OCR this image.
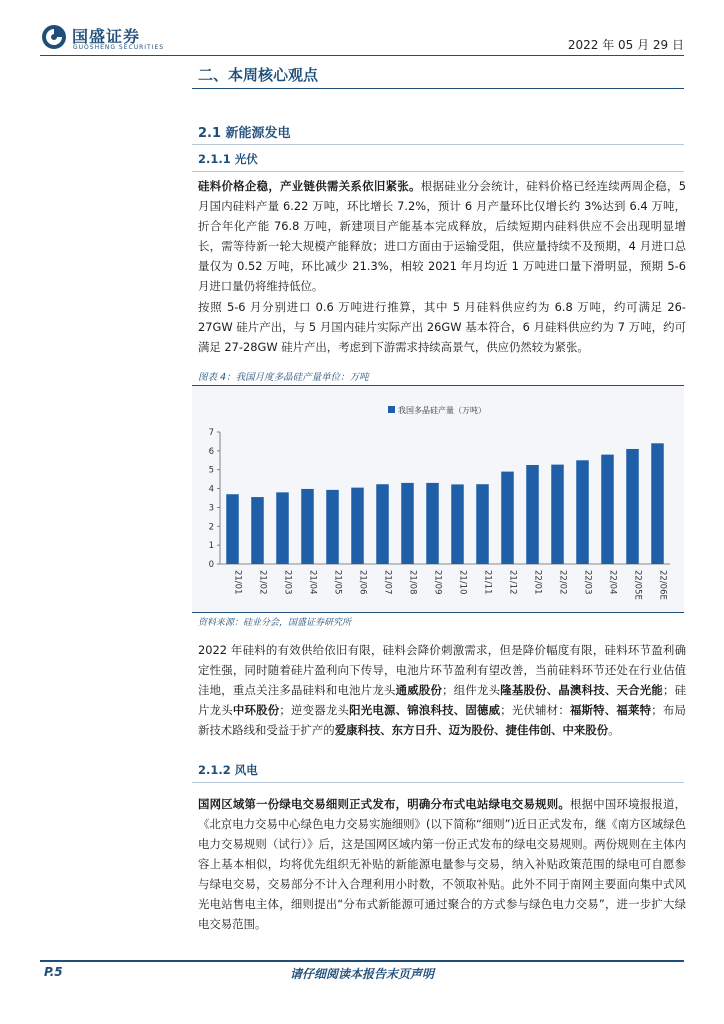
国盛证券
GUOSHENG SECURITIES	2022 年 05 月 29 日
二、本周核心观点
2.1 新能源发电
2.1.1 光伏
硅料价格企稳，产业链供需关系依旧紧张。根据硅业分会统计，硅料价格已经连续两周企稳，5 月国内硅料产量 6.22 万吨，环比增长 7.2%，预计 6 月产量环比仅增长约 3%达到 6.4 万吨，折合年化产能 76.8 万吨，新建项目产能基本完成释放，后续短期内硅料供应不会出现明显增长，需等待新一轮大规模产能释放；进口方面由于运输受阻，供应量持续不及预期，4 月进口总量仅为 0.52 万吨，环比减少 21.3%，相较 2021 年月均近 1 万吨进口量下滑明显，预期 5-6 月进口量仍将维持低位。
按照 5-6 月分别进口 0.6 万吨进行推算，其中 5 月硅料供应约为 6.8 万吨，约可满足 26-27GW 硅片产出，与 5 月国内硅片实际产出 26GW 基本符合，6 月硅料供应约为 7 万吨，约可满足 27-28GW 硅片产出，考虑到下游需求持续高景气，供应仍然较为紧张。
图表 4：我国月度多晶硅产量单位：万吨
我国多晶硅产量（万吨）
0
1
2
3
4
5
6
7
21/01 21/02 21/03 21/04 21/05 21/06 21/07 21/08 21/09 21/10 21/11 21/12 22/01 22/02 22/03 22/04 22/05E 22/06E
资料来源：硅业分会，国盛证券研究所
2022 年硅料的有效供给依旧有限，硅料会降价刺激需求，但是降价幅度有限，硅料环节盈利确定性强，同时随着硅片盈利向下传导，电池片环节盈利有望改善，当前硅料环节还处在行业估值洼地，重点关注多晶硅料和电池片龙头通威股份；组件龙头隆基股份、晶澳科技、天合光能；硅片龙头中环股份；逆变器龙头阳光电源、锦浪科技、固德威；光伏辅材：福斯特、福莱特；布局新技术路线和受益于扩产的爱康科技、东方日升、迈为股份、捷佳伟创、中来股份。
2.1.2 风电
国网区域第一份绿电交易细则正式发布，明确分布式电站绿电交易规则。根据中国环境报报道，《北京电力交易中心绿色电力交易实施细则》(以下简称“细则”)近日正式发布，继《南方区域绿色电力交易规则（试行）》后，这是国网区域内第一份正式发布的绿电交易规则。两份规则在主体内容上基本相似，均将优先组织无补贴的新能源电量参与交易，纳入补贴政策范围的绿电可自愿参与绿电交易，交易部分不计入合理利用小时数，不领取补贴。此外不同于南网主要面向集中式风光电站售电主体，细则提出“分布式新能源可通过聚合的方式参与绿色电力交易”，进一步扩大绿电交易范围。
P.5	请仔细阅读本报告末页声明
